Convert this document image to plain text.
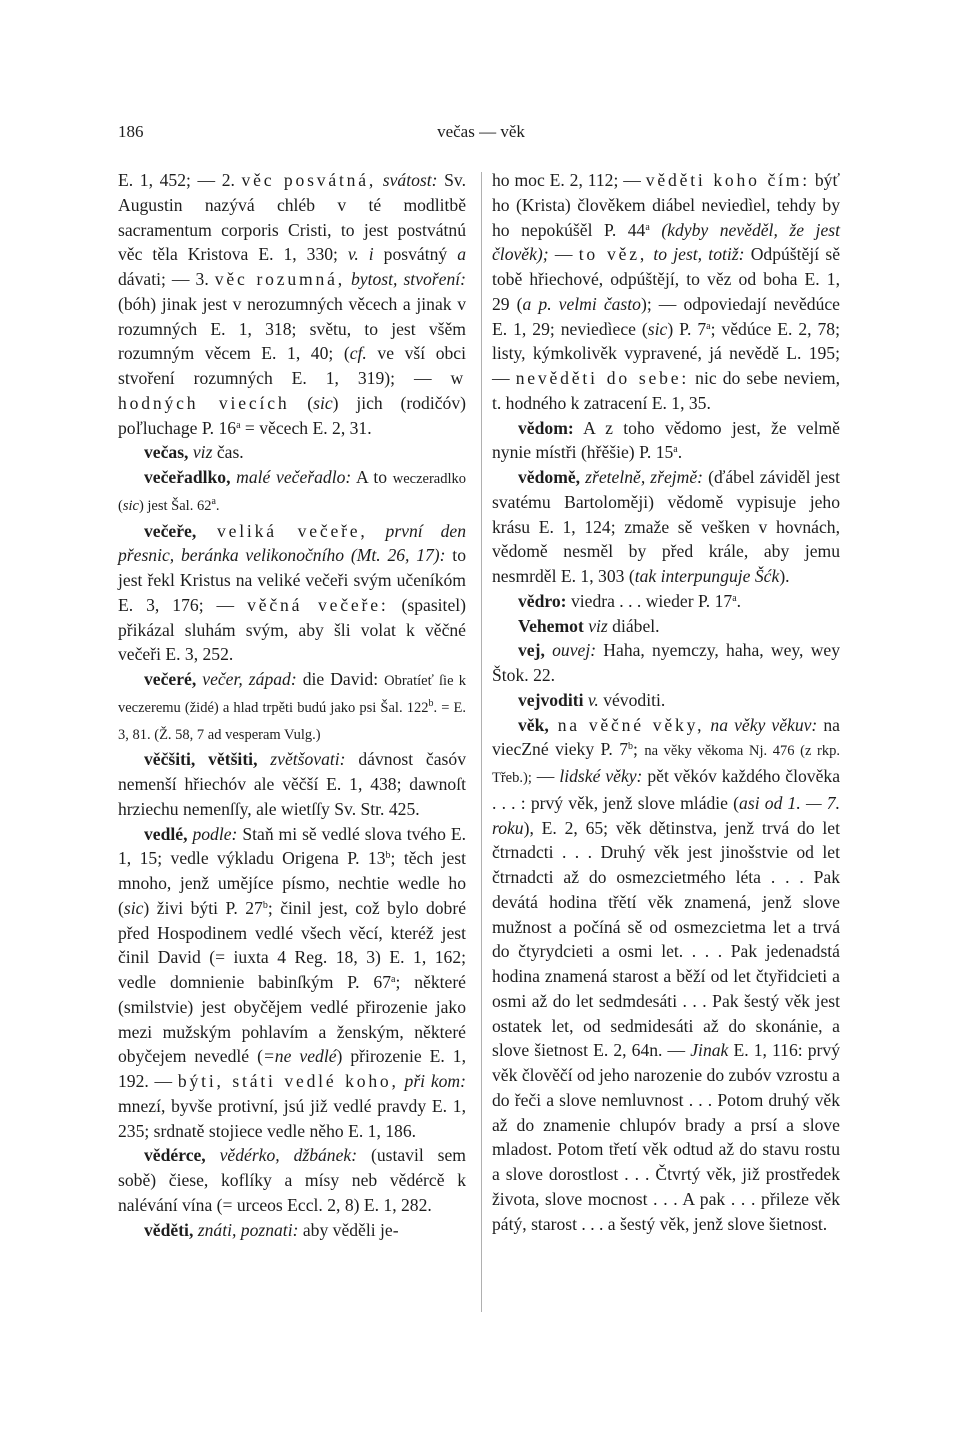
186	večas — věk

E. 1, 452; — 2. věc posvátná, svátost: Sv. Augustin nazývá chléb v té modlitbě sacramentum corporis Cristi, to jest postvátnú věc těla Kristova E. 1, 330; v. i posvátný a dávati; — 3. věc rozumná, bytost, stvoření: (bóh) jinak jest v nerozumných věcech a jinak v rozumných E. 1, 318; světu, to jest všěm rozumným věcem E. 1, 40; (cf. ve vší obci stvoření rozumných E. 1, 319); — w hodných viecích (sic) jich (rodičóv) poľluchage P. $16^a$ = věcech E. 2, 31.

večas, viz čas.

večeřadlko, malé večeřadlo: A to weczeradlko (sic) jest Šal. 62$^a$.

večeře, veliká večeře, první den přesnic, beránka velikonočního (Mt. 26, 17): to jest řekl Kristus na veliké večeři svým učeníkóm E. 3, 176; — věčná večeře: (spasitel) přikázal sluhám svým, aby šli volat k věčné večeři E. 3, 252.

večeré, večer, západ: die David: Obratíeť ſie k veczeremu (židé) a hlad trpěti budú jako psi Šal. $122^b$. = E. 3, 81. (Ž. 58, 7 ad vesperam Vulg.)

věčšiti, většiti, zvětšovati: dávnost časóv nemenší hřiechóv ale věčší E. 1, 438; dawnoſt hrziechu nemenſſy, ale wietſſy Sv. Str. 425.

vedlé, podle: Staň mi sě vedlé slova tvého E. 1, 15; vedle výkladu Origena P. 13$^b$; těch jest mnoho, jenž umějíce písmo, nechtie wedle ho (sic) živi býti P. 27$^b$; činil jest, což bylo dobré před Hospodinem vedlé všech věcí, kteréž jest činil David (= iuxta 4 Reg. 18, 3) E. 1, 162; vedle domnienie babinſkým P. 67$^a$; některé (smilstvie) jest obyčějem vedlé přirozenie jako mezi mužským pohlavím a ženským, některé obyčejem nevedlé (=ne vedlé) přirozenie E. 1, 192. — býti, státi vedlé koho, při kom: mnezí, byvše protivní, jsú již vedlé pravdy E. 1, 235; srdnatě stojiece vedle něho E. 1, 186.

vědérce, vědérko, džbánek: (ustavil sem sobě) čiese, koflíky a mísy neb vědércě k nalévání vína (= urceos Eccl. 2, 8) E. 1, 282.

věděti, znáti, poznati: aby věděli je-

ho moc E. 2, 112; — věděti koho čím: býť ho (Krista) člověkem diábel neviedìel, tehdy by ho nepokúšěl P. 44$^a$ (kdyby nevěděl, že jest člověk); — to věz, to jest, totiž: Odpúštějí sě tobě hřiechové, odpúštějí, to věz od boha E. 1, 29 (a p. velmi často); — odpoviedají nevědúce E. 1, 29; neviedìece (sic) P. 7$^a$; vědúce E. 2, 78; listy, kýmkolivěk vypravené, já nevědě L. 195; — nevěděti do sebe: nic do sebe neviem, t. hodného k zatracení E. 1, 35.

vědom: A z toho vědomo jest, že velmě nynie místři (hřěšie) P. 15$^a$.

vědomě, zřetelně, zřejmě: (ďábel záviděl jest svatému Bartoloměji) vědomě vypisuje jeho krásu E. 1, 124; zmaže sě vešken v hovnách, vědomě nesměl by před krále, aby jemu nesmrděl E. 1, 303 (tak interpunguje Šćk).

vědro: viedra . . . wieder P. 17$^a$.

Vehemot viz diábel.

vej, ouvej: Haha, nyemczy, haha, wey, wey Štok. 22.

vejvoditi v. vévoditi.

věk, na věčné věky, na věky věkuv: na viecZné vieky P. 7$^b$; na věky věkoma Nj. 476 (z rkp. Třeb.); — lidské věky: pět věkóv každého člověka . . . : prvý věk, jenž slove mládie (asi od 1. — 7. roku), E. 2, 65; věk dětinstva, jenž trvá do let čtrnadcti . . . Druhý věk jest jinošstvie od let čtrnadcti až do osmezcietmého léta . . . Pak devátá hodina třětí věk znamená, jenž slove mužnost a počíná sě od osmezcietma let a trvá do čtyrydcieti a osmi let. . . . Pak jedenadstá hodina znamená starost a běží od let čtyřidcieti a osmi až do let sedmdesáti . . . Pak šestý věk jest ostatek let, od sedmidesáti až do skonánie, a slove šietnost E. 2, 64n. — Jinak E. 1, 116: prvý věk člověčí od jeho narozenie do zubóv vzrostu a do řeči a slove nemluvnost . . . Potom druhý věk až do znamenie chlupóv brady a prsí a slove mladost. Potom třetí věk odtud až do stavu rostu a slove dorostlost . . . Čtvrtý věk, již prostředek života, slove mocnost . . . A pak . . . přileze věk pátý, starost . . . a šestý věk, jenž slove šietnost.
